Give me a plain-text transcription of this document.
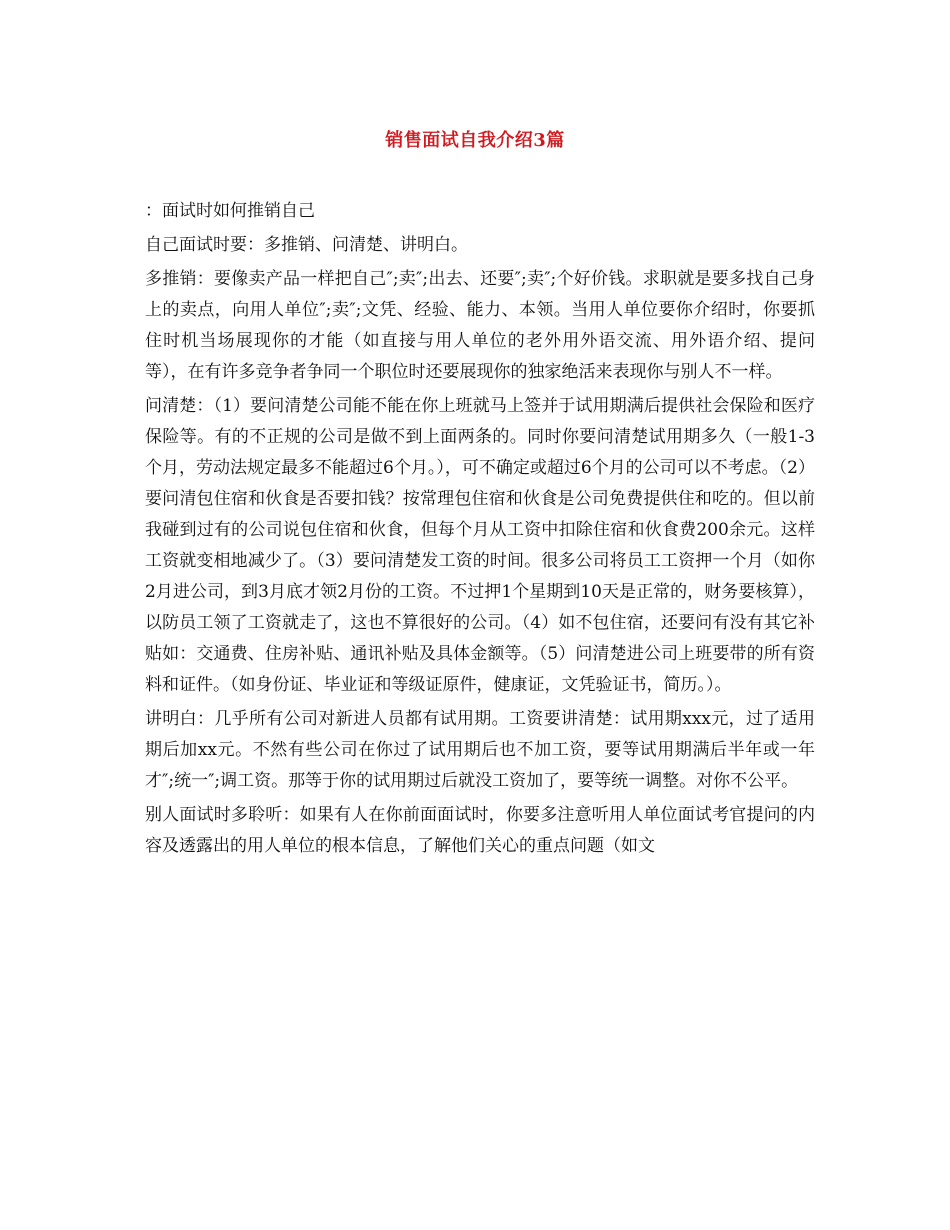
销售面试自我介绍3篇

：面试时如何推销自己

自己面试时要：多推销、问清楚、讲明白。

多推销：要像卖产品一样把自己″;卖″;出去、还要″;卖″;个好价钱。求职就是要多找自己身上的卖点，向用人单位″;卖″;文凭、经验、能力、本领。当用人单位要你介绍时，你要抓住时机当场展现你的才能（如直接与用人单位的老外用外语交流、用外语介绍、提问等），在有许多竞争者争同一个职位时还要展现你的独家绝活来表现你与别人不一样。

问清楚：（1）要问清楚公司能不能在你上班就马上签并于试用期满后提供社会保险和医疗保险等。有的不正规的公司是做不到上面两条的。同时你要问清楚试用期多久（一般1-3个月，劳动法规定最多不能超过6个月。），可不确定或超过6个月的公司可以不考虑。（2）要问清包住宿和伙食是否要扣钱？按常理包住宿和伙食是公司免费提供住和吃的。但以前我碰到过有的公司说包住宿和伙食，但每个月从工资中扣除住宿和伙食费200余元。这样工资就变相地减少了。（3）要问清楚发工资的时间。很多公司将员工工资押一个月（如你2月进公司，到3月底才领2月份的工资。不过押1个星期到10天是正常的，财务要核算），以防员工领了工资就走了，这也不算很好的公司。（4）如不包住宿，还要问有没有其它补贴如：交通费、住房补贴、通讯补贴及具体金额等。（5）问清楚进公司上班要带的所有资料和证件。（如身份证、毕业证和等级证原件，健康证，文凭验证书，简历。）。

讲明白：几乎所有公司对新进人员都有试用期。工资要讲清楚：试用期xxx元，过了适用期后加xx元。不然有些公司在你过了试用期后也不加工资，要等试用期满后半年或一年才″;统一″;调工资。那等于你的试用期过后就没工资加了，要等统一调整。对你不公平。

别人面试时多聆听：如果有人在你前面面试时，你要多注意听用人单位面试考官提问的内容及透露出的用人单位的根本信息，了解他们关心的重点问题（如文
